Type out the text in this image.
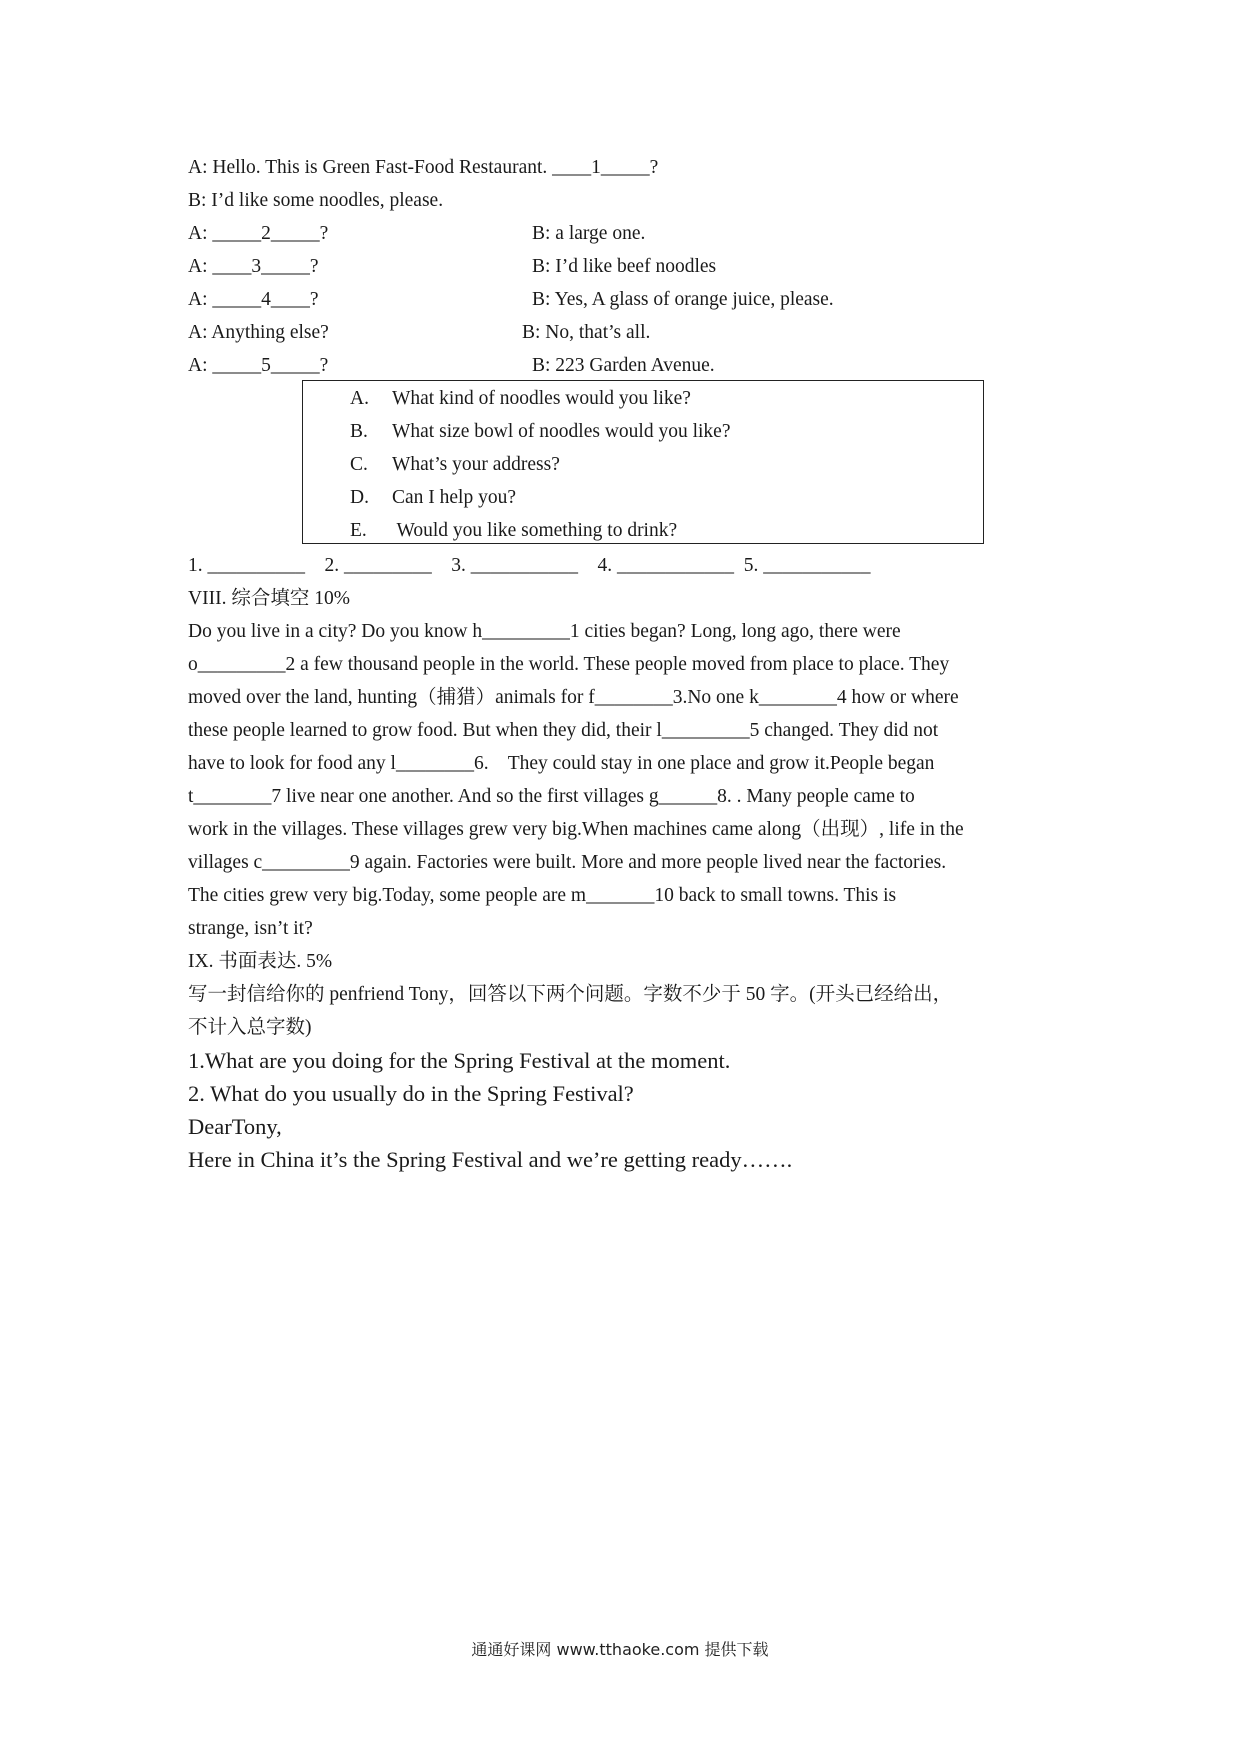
A: Hello. This is Green Fast-Food Restaurant. ____1_____?
B: I’d like some noodles, please.
A: _____2_____?	B: a large one.
A: ____3_____?	B: I’d like beef noodles
A: _____4____?	B: Yes, A glass of orange juice, please.
A: Anything else?	B: No, that’s all.
A: _____5_____?	B: 223 Garden Avenue.
A. What kind of noodles would you like?
B. What size bowl of noodles would you like?
C. What’s your address?
D. Can I help you?
E. Would you like something to drink?
1. __________    2. _________    3. ___________    4. ____________  5. ___________
VIII. 综合填空 10%
Do you live in a city? Do you know h_________1 cities began? Long, long ago, there were
o_________2 a few thousand people in the world. These people moved from place to place. They
moved over the land, hunting（捕猎）animals for f________3.No one k________4 how or where
these people learned to grow food. But when they did, their l_________5 changed. They did not
have to look for food any l________6.    They could stay in one place and grow it.People began
t________7 live near one another. And so the first villages g______8. . Many people came to
work in the villages. These villages grew very big.When machines came along（出现）, life in the
villages c_________9 again. Factories were built. More and more people lived near the factories.
The cities grew very big.Today, some people are m_______10 back to small towns. This is
strange, isn’t it?
IX. 书面表达. 5%
写一封信给你的 penfriend Tony，回答以下两个问题。字数不少于 50 字。(开头已经给出，
不计入总字数)
1.What are you doing for the Spring Festival at the moment.
2. What do you usually do in the Spring Festival?
DearTony,
Here in China it’s the Spring Festival and we’re getting ready…….
通通好课网 www.tthaoke.com 提供下载
